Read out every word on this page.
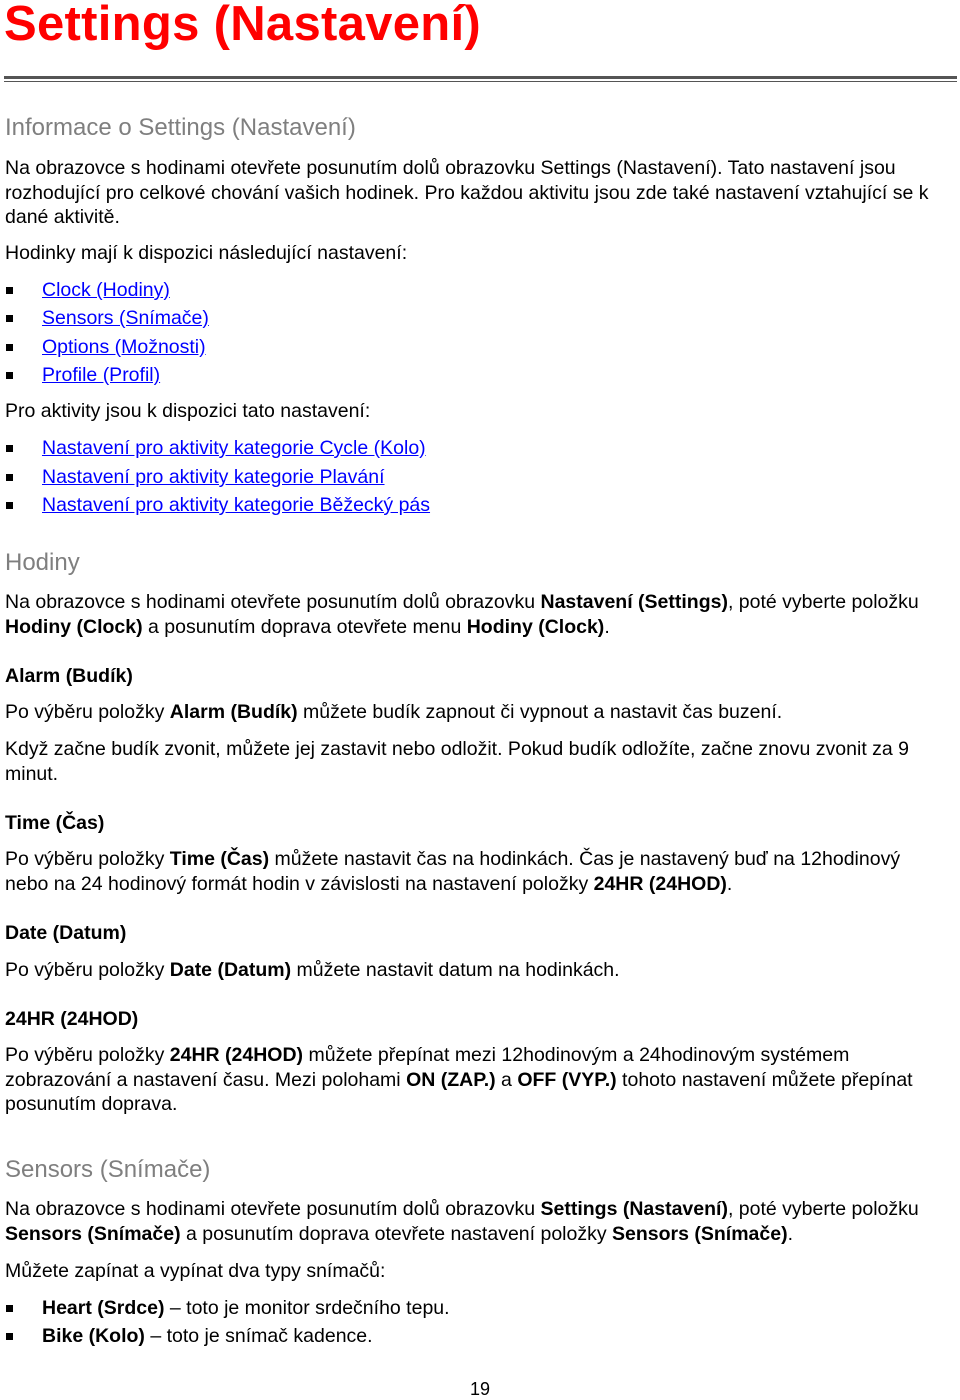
Settings (Nastavení)
Informace o Settings (Nastavení)

Na obrazovce s hodinami otevřete posunutím dolů obrazovku Settings (Nastavení). Tato nastavení jsou rozhodující pro celkové chování vašich hodinek. Pro každou aktivitu jsou zde také nastavení vztahující se k dané aktivitě.

Hodinky mají k dispozici následující nastavení:

Clock (Hodiny)
Sensors (Snímače)
Options (Možnosti)
Profile (Profil)

Pro aktivity jsou k dispozici tato nastavení:

Nastavení pro aktivity kategorie Cycle (Kolo)
Nastavení pro aktivity kategorie Plavání
Nastavení pro aktivity kategorie Běžecký pás
Hodiny

Na obrazovce s hodinami otevřete posunutím dolů obrazovku Nastavení (Settings), poté vyberte položku Hodiny (Clock) a posunutím doprava otevřete menu Hodiny (Clock).

Alarm (Budík)

Po výběru položky Alarm (Budík) můžete budík zapnout či vypnout a nastavit čas buzení.

Když začne budík zvonit, můžete jej zastavit nebo odložit. Pokud budík odložíte, začne znovu zvonit za 9 minut.

Time (Čas)

Po výběru položky Time (Čas) můžete nastavit čas na hodinkách. Čas je nastavený buď na 12hodinový nebo na 24 hodinový formát hodin v závislosti na nastavení položky 24HR (24HOD).

Date (Datum)

Po výběru položky Date (Datum) můžete nastavit datum na hodinkách.

24HR (24HOD)

Po výběru položky 24HR (24HOD) můžete přepínat mezi 12hodinovým a 24hodinovým systémem zobrazování a nastavení času. Mezi polohami ON (ZAP.) a OFF (VYP.) tohoto nastavení můžete přepínat posunutím doprava.

Sensors (Snímače)

Na obrazovce s hodinami otevřete posunutím dolů obrazovku Settings (Nastavení), poté vyberte položku Sensors (Snímače) a posunutím doprava otevřete nastavení položky Sensors (Snímače).

Můžete zapínat a vypínat dva typy snímačů:

Heart (Srdce) – toto je monitor srdečního tepu.
Bike (Kolo) – toto je snímač kadence.
19
